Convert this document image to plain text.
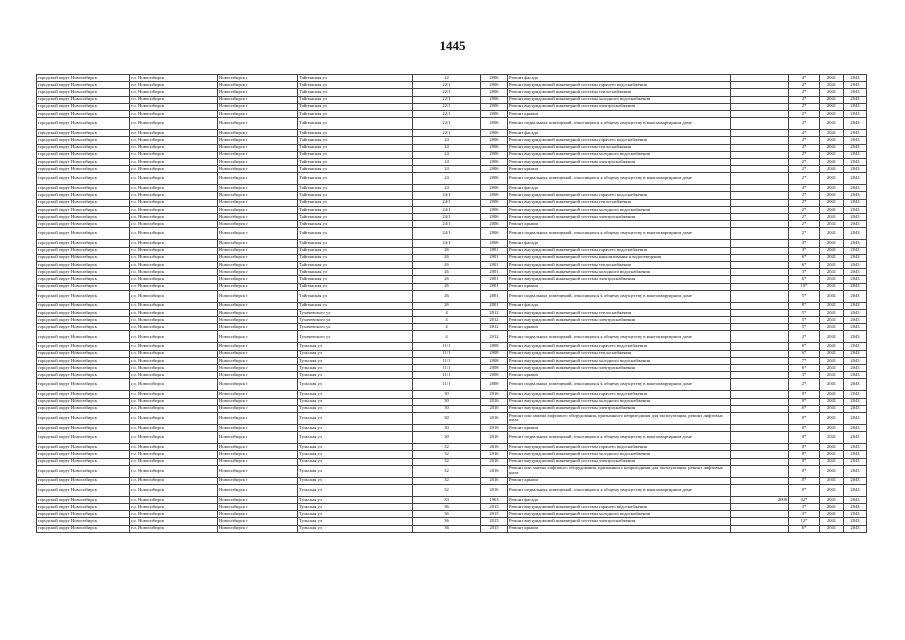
1445
городской округ Новосибирск	г.о. Новосибирск	Новосибирск г	Тайгинская ул	22	2006	Ремонт фасада		4*	2041	2043
городской округ Новосибирск	г.о. Новосибирск	Новосибирск г	Тайгинская ул	22/1	2006	Ремонт внутридомовой инженерной системы горячего водоснабжения		2*	2041	2043
городской округ Новосибирск	г.о. Новосибирск	Новосибирск г	Тайгинская ул	22/1	2006	Ремонт внутридомовой инженерной системы теплоснабжения		2*	2041	2043
городской округ Новосибирск	г.о. Новосибирск	Новосибирск г	Тайгинская ул	22/1	2006	Ремонт внутридомовой инженерной системы холодного водоснабжения		2*	2041	2043
городской округ Новосибирск	г.о. Новосибирск	Новосибирск г	Тайгинская ул	22/1	2006	Ремонт внутридомовой инженерной системы электроснабжения		2*	2041	2043
городской округ Новосибирск	г.о. Новосибирск	Новосибирск г	Тайгинская ул	22/1	2006	Ремонт крыши		2*	2041	2043
городской округ Новосибирск	г.о. Новосибирск	Новосибирск г	Тайгинская ул	22/1	2006	Ремонт подвальных помещений, относящихся к общему имуществу в многоквартирном доме		2*	2041	2043
городской округ Новосибирск	г.о. Новосибирск	Новосибирск г	Тайгинская ул	22/1	2006	Ремонт фасада		4*	2041	2043
городской округ Новосибирск	г.о. Новосибирск	Новосибирск г	Тайгинская ул	24	2006	Ремонт внутридомовой инженерной системы горячего водоснабжения		2*	2041	2043
городской округ Новосибирск	г.о. Новосибирск	Новосибирск г	Тайгинская ул	24	2006	Ремонт внутридомовой инженерной системы теплоснабжения		2*	2041	2043
городской округ Новосибирск	г.о. Новосибирск	Новосибирск г	Тайгинская ул	24	2006	Ремонт внутридомовой инженерной системы холодного водоснабжения		2*	2041	2043
городской округ Новосибирск	г.о. Новосибирск	Новосибирск г	Тайгинская ул	24	2006	Ремонт внутридомовой инженерной системы электроснабжения		2*	2041	2043
городской округ Новосибирск	г.о. Новосибирск	Новосибирск г	Тайгинская ул	24	2006	Ремонт крыши		2*	2041	2043
городской округ Новосибирск	г.о. Новосибирск	Новосибирск г	Тайгинская ул	24	2006	Ремонт подвальных помещений, относящихся к общему имуществу в многоквартирном доме		2*	2041	2043
городской округ Новосибирск	г.о. Новосибирск	Новосибирск г	Тайгинская ул	24	2006	Ремонт фасада		4*	2041	2043
городской округ Новосибирск	г.о. Новосибирск	Новосибирск г	Тайгинская ул	24/1	2006	Ремонт внутридомовой инженерной системы горячего водоснабжения		2*	2041	2043
городской округ Новосибирск	г.о. Новосибирск	Новосибирск г	Тайгинская ул	24/1	2006	Ремонт внутридомовой инженерной системы теплоснабжения		2*	2041	2043
городской округ Новосибирск	г.о. Новосибирск	Новосибирск г	Тайгинская ул	24/1	2006	Ремонт внутридомовой инженерной системы холодного водоснабжения		2*	2041	2043
городской округ Новосибирск	г.о. Новосибирск	Новосибирск г	Тайгинская ул	24/1	2006	Ремонт внутридомовой инженерной системы электроснабжения		2*	2041	2043
городской округ Новосибирск	г.о. Новосибирск	Новосибирск г	Тайгинская ул	24/1	2006	Ремонт крыши		2*	2041	2043
городской округ Новосибирск	г.о. Новосибирск	Новосибирск г	Тайгинская ул	24/1	2006	Ремонт подвальных помещений, относящихся к общему имуществу в многоквартирном доме		2*	2041	2043
городской округ Новосибирск	г.о. Новосибирск	Новосибирск г	Тайгинская ул	24/1	2006	Ремонт фасада		4*	2041	2043
городской округ Новосибирск	г.о. Новосибирск	Новосибирск г	Тайгинская ул	26	2001	Ремонт внутридомовой инженерной системы горячего водоснабжения		4*	2041	2043
городской округ Новосибирск	г.о. Новосибирск	Новосибирск г	Тайгинская ул	26	2001	Ремонт внутридомовой инженерной системы канализования и водоотведения		6*	2041	2043
городской округ Новосибирск	г.о. Новосибирск	Новосибирск г	Тайгинская ул	26	2001	Ремонт внутридомовой инженерной системы теплоснабжения		6*	2041	2043
городской округ Новосибирск	г.о. Новосибирск	Новосибирск г	Тайгинская ул	26	2001	Ремонт внутридомовой инженерной системы холодного водоснабжения		3*	2041	2043
городской округ Новосибирск	г.о. Новосибирск	Новосибирск г	Тайгинская ул	26	2001	Ремонт внутридомовой инженерной системы электроснабжения		6*	2041	2043
городской округ Новосибирск	г.о. Новосибирск	Новосибирск г	Тайгинская ул	26	2001	Ремонт крыши		10*	2041	2043
городской округ Новосибирск	г.о. Новосибирск	Новосибирск г	Тайгинская ул	26	2001	Ремонт подвальных помещений, относящихся к общему имуществу в многоквартирном доме		5*	2041	2043
городской округ Новосибирск	г.о. Новосибирск	Новосибирск г	Тайгинская ул	26	2001	Ремонт фасада		8*	2041	2043
городской округ Новосибирск	г.о. Новосибирск	Новосибирск г	Тухачевского ул	4	2012	Ремонт внутридомовой инженерной системы теплоснабжения		5*	2041	2043
городской округ Новосибирск	г.о. Новосибирск	Новосибирск г	Тухачевского ул	4	2012	Ремонт внутридомовой инженерной системы электроснабжения		5*	2041	2043
городской округ Новосибирск	г.о. Новосибирск	Новосибирск г	Тухачевского ул	4	2012	Ремонт крыши		5*	2041	2043
городской округ Новосибирск	г.о. Новосибирск	Новосибирск г	Тухачевского ул	4	2012	Ремонт подвальных помещений, относящихся к общему имуществу в многоквартирном доме		2*	2041	2043
городской округ Новосибирск	г.о. Новосибирск	Новосибирск г	Тульская ул	11/1	2008	Ремонт внутридомовой инженерной системы горячего водоснабжения		6*	2041	2043
городской округ Новосибирск	г.о. Новосибирск	Новосибирск г	Тульская ул	11/1	2008	Ремонт внутридомовой инженерной системы теплоснабжения		6*	2041	2043
городской округ Новосибирск	г.о. Новосибирск	Новосибирск г	Тульская ул	11/1	2008	Ремонт внутридомовой инженерной системы холодного водоснабжения		7*	2041	2043
городской округ Новосибирск	г.о. Новосибирск	Новосибирск г	Тульская ул	11/1	2008	Ремонт внутридомовой инженерной системы электроснабжения		6*	2041	2043
городской округ Новосибирск	г.о. Новосибирск	Новосибирск г	Тульская ул	11/1	2008	Ремонт крыши		3*	2041	2043
городской округ Новосибирск	г.о. Новосибирск	Новосибирск г	Тульская ул	11/1	2008	Ремонт подвальных помещений, относящихся к общему имуществу в многоквартирном доме		2*	2041	2043
городской округ Новосибирск	г.о. Новосибирск	Новосибирск г	Тульская ул	30	2016	Ремонт внутридомовой инженерной системы горячего водоснабжения		0*	2041	2043
городской округ Новосибирск	г.о. Новосибирск	Новосибирск г	Тульская ул	30	2016	Ремонт внутридомовой инженерной системы холодного водоснабжения		0*	2041	2043
городской округ Новосибирск	г.о. Новосибирск	Новосибирск г	Тульская ул	30	2016	Ремонт внутридомовой инженерной системы электроснабжения		0*	2041	2043
городской округ Новосибирск	г.о. Новосибирск	Новосибирск г	Тульская ул	30	2016	Ремонт или замена лифтового оборудования, признанного непригодным для эксплуатации, ремонт лифтовых шахт		0*	2041	2043
городской округ Новосибирск	г.о. Новосибирск	Новосибирск г	Тульская ул	30	2016	Ремонт крыши		0*	2041	2043
городской округ Новосибирск	г.о. Новосибирск	Новосибирск г	Тульская ул	30	2016	Ремонт подвальных помещений, относящихся к общему имуществу в многоквартирном доме		0*	2041	2043
городской округ Новосибирск	г.о. Новосибирск	Новосибирск г	Тульская ул	32	2016	Ремонт внутридомовой инженерной системы горячего водоснабжения		0*	2041	2043
городской округ Новосибирск	г.о. Новосибирск	Новосибирск г	Тульская ул	32	2016	Ремонт внутридомовой инженерной системы холодного водоснабжения		0*	2041	2043
городской округ Новосибирск	г.о. Новосибирск	Новосибирск г	Тульская ул	32	2016	Ремонт внутридомовой инженерной системы электроснабжения		0*	2041	2043
городской округ Новосибирск	г.о. Новосибирск	Новосибирск г	Тульская ул	32	2016	Ремонт или замена лифтового оборудования, признанного непригодным для эксплуатации, ремонт лифтовых шахт		0*	2041	2043
городской округ Новосибирск	г.о. Новосибирск	Новосибирск г	Тульская ул	32	2016	Ремонт крыши		0*	2041	2043
городской округ Новосибирск	г.о. Новосибирск	Новосибирск г	Тульская ул	32	2016	Ремонт подвальных помещений, относящихся к общему имуществу в многоквартирном доме		0*	2041	2043
городской округ Новосибирск	г.о. Новосибирск	Новосибирск г	Тульская ул	33	1963	Ремонт фасада	2008	42*	2041	2043
городской округ Новосибирск	г.о. Новосибирск	Новосибирск г	Тульская ул	36	2015	Ремонт внутридомовой инженерной системы горячего водоснабжения		3*	2041	2043
городской округ Новосибирск	г.о. Новосибирск	Новосибирск г	Тульская ул	36	2015	Ремонт внутридомовой инженерной системы холодного водоснабжения		3*	2041	2043
городской округ Новосибирск	г.о. Новосибирск	Новосибирск г	Тульская ул	36	2015	Ремонт внутридомовой инженерной системы электроснабжения		12*	2041	2043
городской округ Новосибирск	г.о. Новосибирск	Новосибирск г	Тульская ул	36	2015	Ремонт крыши		6*	2041	2043
